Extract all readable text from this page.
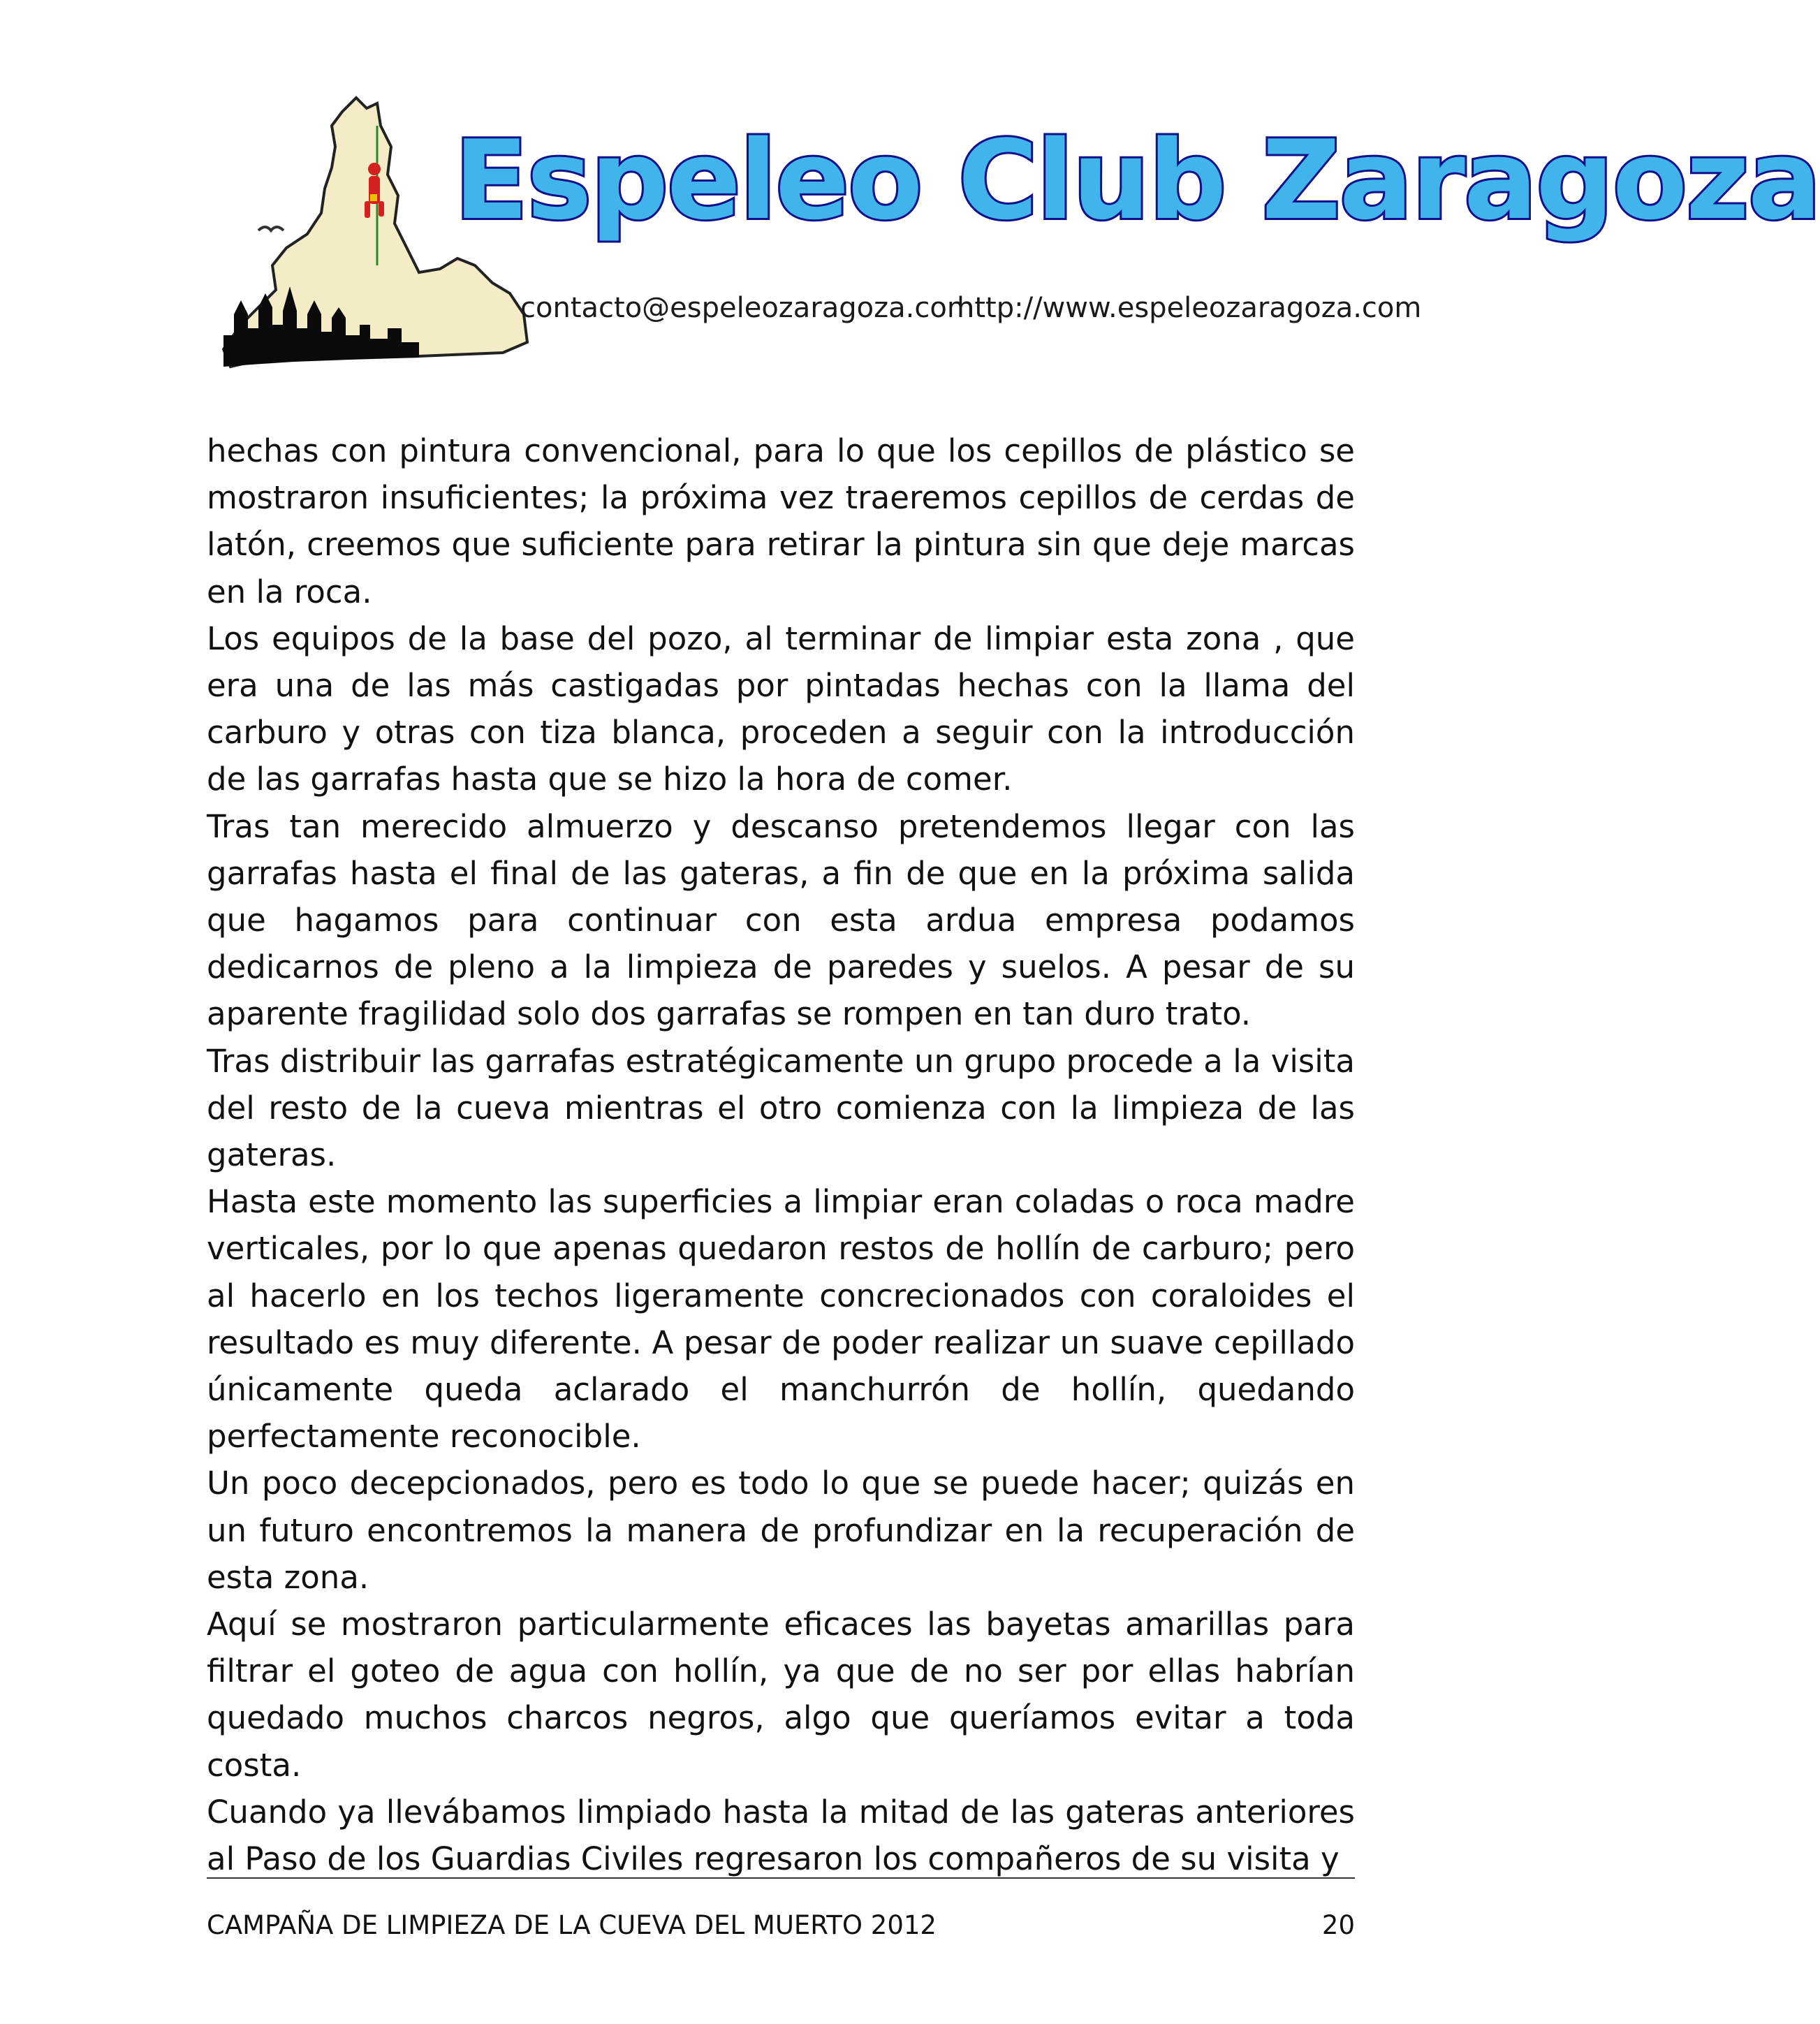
Espeleo Club Zaragoza

contacto@espeleozaragoza.com

http://www.espeleozaragoza.com

hechas con pintura convencional, para lo que los cepillos de plástico se mostraron insuficientes; la próxima vez traeremos cepillos de cerdas de latón, creemos que suficiente para retirar la pintura sin que deje marcas en la roca.

Los equipos de la base del pozo, al terminar de limpiar esta zona , que era una de las más castigadas por pintadas hechas con la llama del carburo y otras con tiza blanca, proceden a seguir con la introducción de las garrafas hasta que se hizo la hora de comer.

Tras tan merecido almuerzo y descanso pretendemos llegar con las garrafas hasta el final de las gateras, a fin de que en la próxima salida que hagamos para continuar con esta ardua empresa podamos dedicarnos de pleno a la limpieza de paredes y suelos. A pesar de su aparente fragilidad solo dos garrafas se rompen en tan duro trato.

Tras distribuir las garrafas estratégicamente un grupo procede a la visita del resto de la cueva mientras el otro comienza con la limpieza de las gateras.

Hasta este momento las superficies a limpiar eran coladas o roca madre verticales, por lo que apenas quedaron restos de hollín de carburo; pero al hacerlo en los techos ligeramente concrecionados con coraloides el resultado es muy diferente. A pesar de poder realizar un suave cepillado únicamente queda aclarado el manchurrón de hollín, quedando perfectamente reconocible.

Un poco decepcionados, pero es todo lo que se puede hacer; quizás en un futuro encontremos la manera de profundizar en la recuperación de esta zona.

Aquí se mostraron particularmente eficaces las bayetas amarillas para filtrar el goteo de agua con hollín, ya que de no ser por ellas habrían quedado muchos charcos negros, algo que queríamos evitar a toda costa.

Cuando ya llevábamos limpiado hasta la mitad de las gateras anteriores al Paso de los Guardias Civiles regresaron los compañeros de su visita y

CAMPAÑA DE LIMPIEZA DE LA CUEVA DEL MUERTO 2012	20
